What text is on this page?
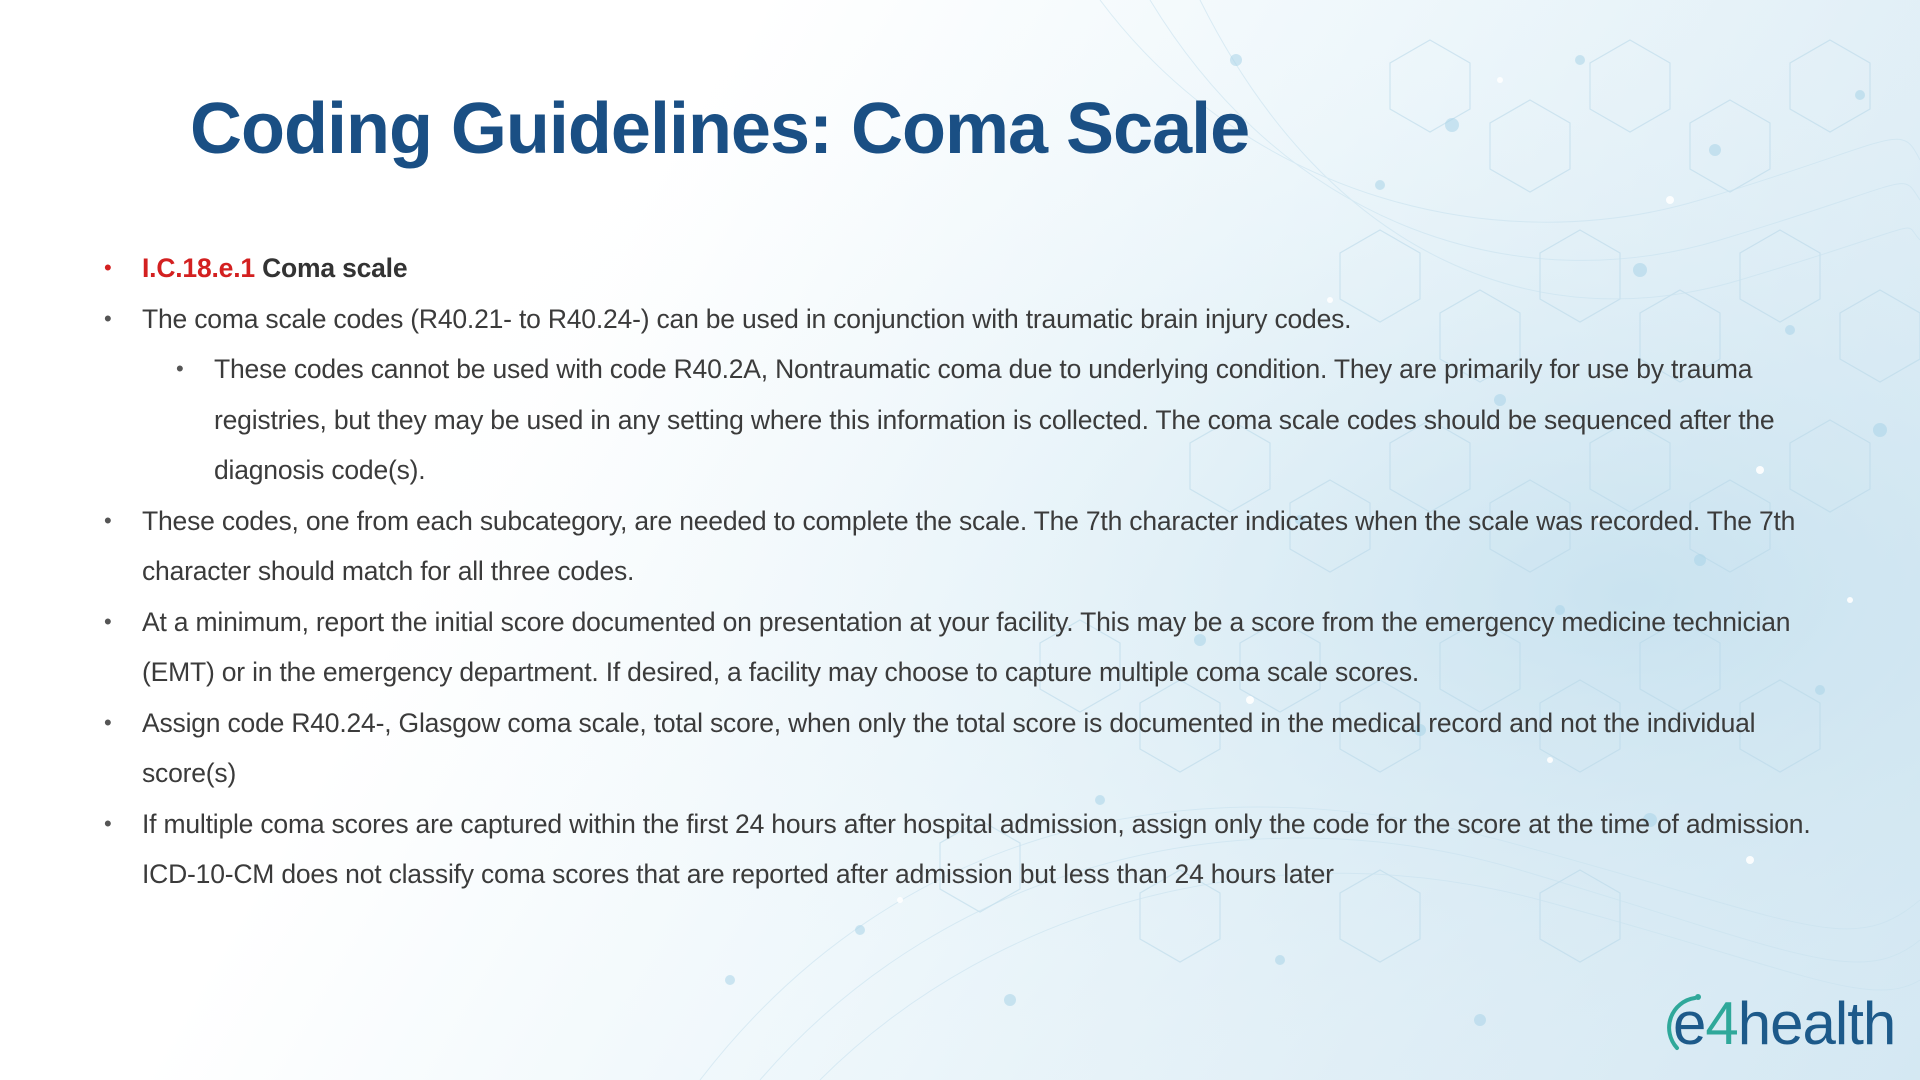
Coding Guidelines: Coma Scale
• I.C.18.e.1 Coma scale
• The coma scale codes (R40.21- to R40.24-) can be used in conjunction with traumatic brain injury codes.
• These codes cannot be used with code R40.2A, Nontraumatic coma due to underlying condition. They are primarily for use by trauma registries, but they may be used in any setting where this information is collected. The coma scale codes should be sequenced after the diagnosis code(s).
• These codes, one from each subcategory, are needed to complete the scale. The 7th character indicates when the scale was recorded. The 7th character should match for all three codes.
• At a minimum, report the initial score documented on presentation at your facility. This may be a score from the emergency medicine technician (EMT) or in the emergency department. If desired, a facility may choose to capture multiple coma scale scores.
• Assign code R40.24-, Glasgow coma scale, total score, when only the total score is documented in the medical record and not the individual score(s)
• If multiple coma scores are captured within the first 24 hours after hospital admission, assign only the code for the score at the time of admission. ICD-10-CM does not classify coma scores that are reported after admission but less than 24 hours later
e4health
